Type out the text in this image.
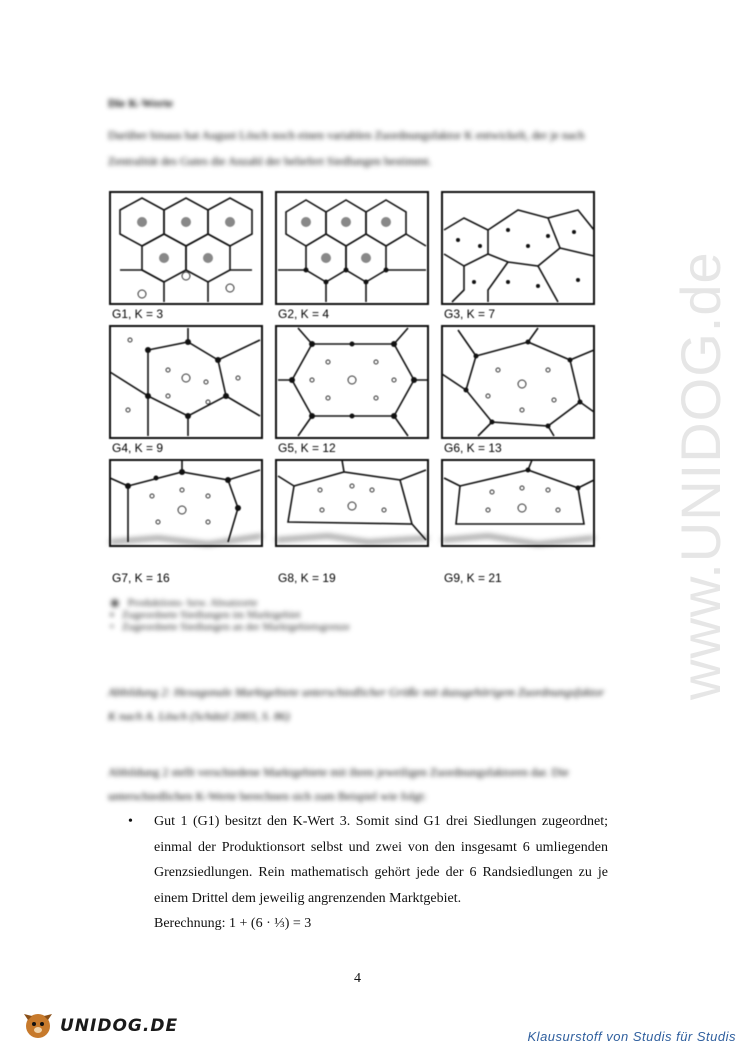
Die K-Werte
Darüber hinaus hat August Lösch noch einen variablen Zuordnungsfaktor K entwickelt, der je nach Zentralität des Gutes die Anzahl der beliefert Siedlungen bestimmt.
G1, K = 3	G2, K = 4	G3, K = 7
G4, K = 9	G5, K = 12	G6, K = 13
G7, K = 16	G8, K = 19	G9, K = 21
◉ Produktions- bzw. Absatzorte
▪ Zugeordnete Siedlungen im Marktgebiet
• Zugeordnete Siedlungen an der Marktgebietsgrenze
Abbildung 2: Hexagonale Marktgebiete unterschiedlicher Größe mit dazugehörigem Zuordnungsfaktor K nach A. Lösch (Schätzl 2003, S. 86)
Abbildung 2 stellt verschiedene Marktgebiete mit ihren jeweiligen Zuordnungsfaktoren dar. Die unterschiedlichen K-Werte berechnen sich zum Beispiel wie folgt:
• Gut 1 (G1) besitzt den K-Wert 3. Somit sind G1 drei Siedlungen zugeordnet; einmal der Produktionsort selbst und zwei von den insgesamt 6 umliegenden Grenzsiedlungen. Rein mathematisch gehört jede der 6 Randsiedlungen zu je einem Drittel dem jeweilig angrenzenden Marktgebiet.
Berechnung: 1 + (6 · ⅓) = 3
4
www.UNIDOG.de
UNIDOG.DE
Klausurstoff von Studis für Studis
